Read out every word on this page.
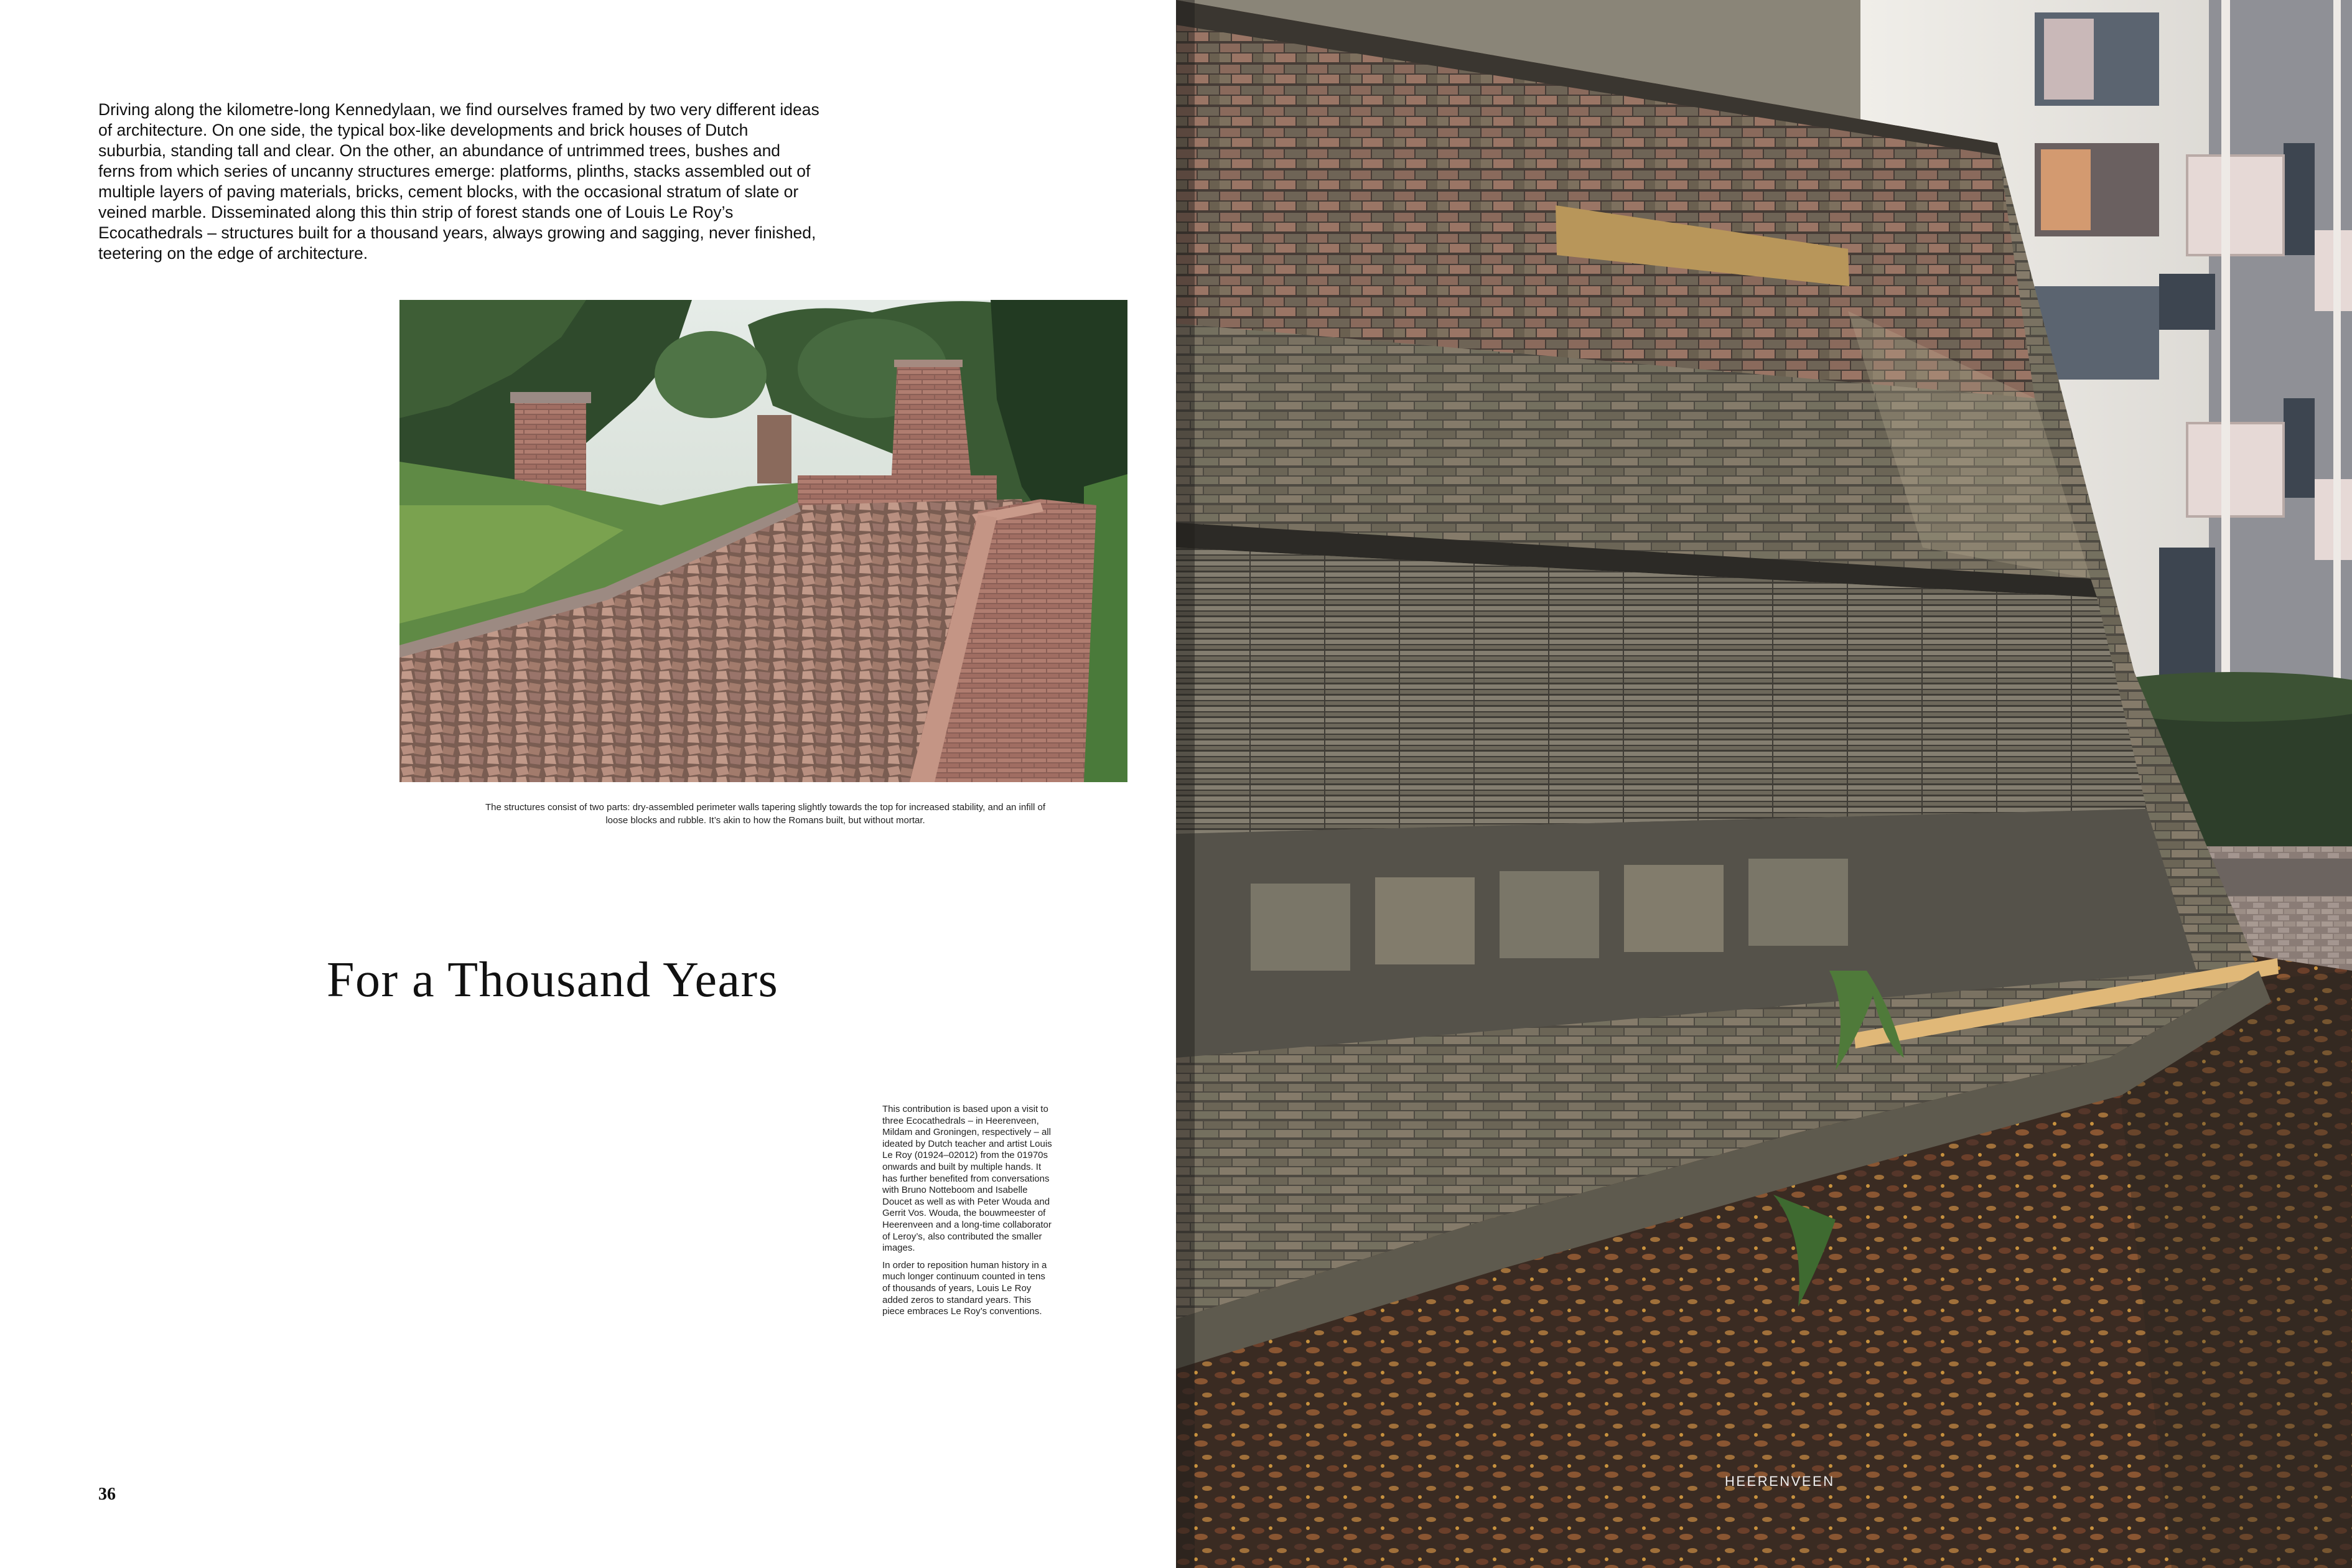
Driving along the kilometre-long Kennedylaan, we find ourselves framed by two very different ideas of architecture. On one side, the typical box-like developments and brick houses of Dutch suburbia, standing tall and clear. On the other, an abundance of untrimmed trees, bushes and ferns from which series of uncanny structures emerge: platforms, plinths, stacks assembled out of multiple layers of paving materials, bricks, cement blocks, with the occasional stratum of slate or veined marble. Disseminated along this thin strip of forest stands one of Louis Le Roy’s Ecocathedrals – structures built for a thousand years, always growing and sagging, never finished, teetering on the edge of architecture.

The structures consist of two parts: dry-assembled perimeter walls tapering slightly towards the top for increased stability, and an infill of loose blocks and rubble. It’s akin to how the Romans built, but without mortar.

For a Thousand Years

This contribution is based upon a visit to three Ecocathedrals – in Heerenveen, Mildam and Groningen, respectively – all ideated by Dutch teacher and artist Louis Le Roy (01924–02012) from the 01970s onwards and built by multiple hands. It has further benefited from conversations with Bruno Notteboom and Isabelle Doucet as well as with Peter Wouda and Gerrit Vos. Wouda, the bouwmeester of Heerenveen and a long-time collaborator of Leroy’s, also contributed the smaller images.

In order to reposition human history in a much longer continuum counted in tens of thousands of years, Louis Le Roy added zeros to standard years. This piece embraces Le Roy’s conventions.

36
HEERENVEEN
